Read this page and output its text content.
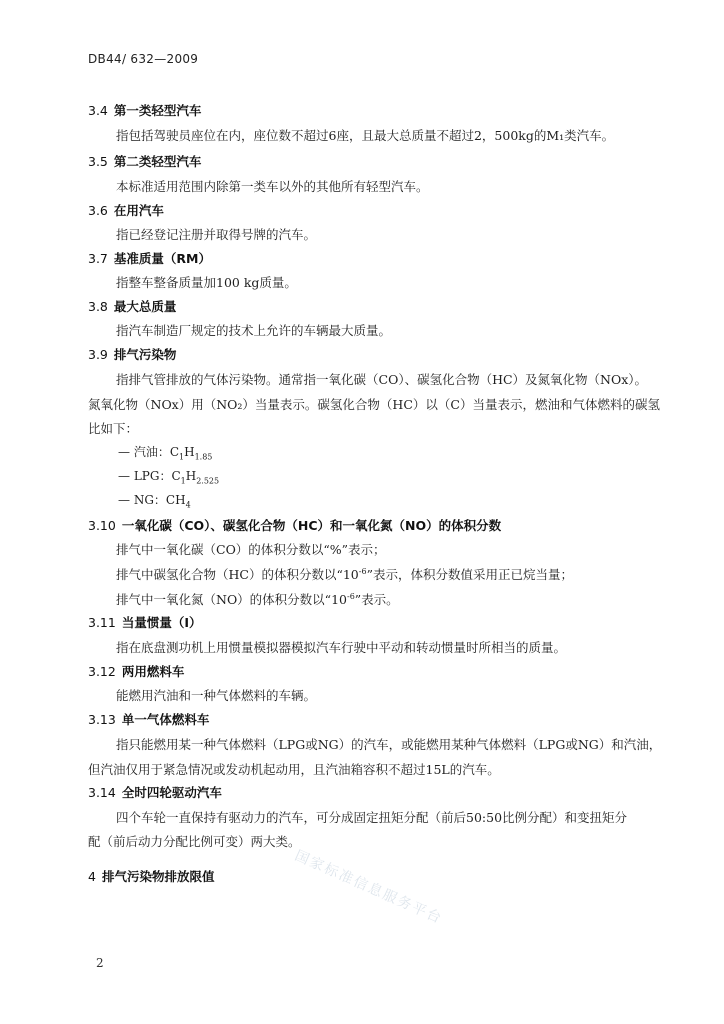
DB44/ 632—2009
3.4 第一类轻型汽车
指包括驾驶员座位在内，座位数不超过6座，且最大总质量不超过2，500kg的M₁类汽车。
3.5 第二类轻型汽车
本标准适用范围内除第一类车以外的其他所有轻型汽车。
3.6 在用汽车
指已经登记注册并取得号牌的汽车。
3.7 基准质量（RM）
指整车整备质量加100 kg质量。
3.8 最大总质量
指汽车制造厂规定的技术上允许的车辆最大质量。
3.9 排气污染物
指排气管排放的气体污染物。通常指一氧化碳（CO）、碳氢化合物（HC）及氮氧化物（NOx）。
氮氧化物（NOx）用（NO₂）当量表示。碳氢化合物（HC）以（C）当量表示，燃油和气体燃料的碳氢
比如下：
— 汽油：$C_1H_{1.85}$
— LPG：$C_1H_{2.525}$
— NG：$CH_4$
3.10 一氧化碳（CO）、碳氢化合物（HC）和一氧化氮（NO）的体积分数
排气中一氧化碳（CO）的体积分数以“%”表示；
排气中碳氢化合物（HC）的体积分数以“$10^{-6}$”表示，体积分数值采用正已烷当量；
排气中一氧化氮（NO）的体积分数以“$10^{-6}$”表示。
3.11 当量惯量（I）
指在底盘测功机上用惯量模拟器模拟汽车行驶中平动和转动惯量时所相当的质量。
3.12 两用燃料车
能燃用汽油和一种气体燃料的车辆。
3.13 单一气体燃料车
指只能燃用某一种气体燃料（LPG或NG）的汽车，或能燃用某种气体燃料（LPG或NG）和汽油，
但汽油仅用于紧急情况或发动机起动用，且汽油箱容积不超过15L的汽车。
3.14 全时四轮驱动汽车
四个车轮一直保持有驱动力的汽车，可分成固定扭矩分配（前后50:50比例分配）和变扭矩分
配（前后动力分配比例可变）两大类。
4 排气污染物排放限值	国家标准信息服务平台
2
